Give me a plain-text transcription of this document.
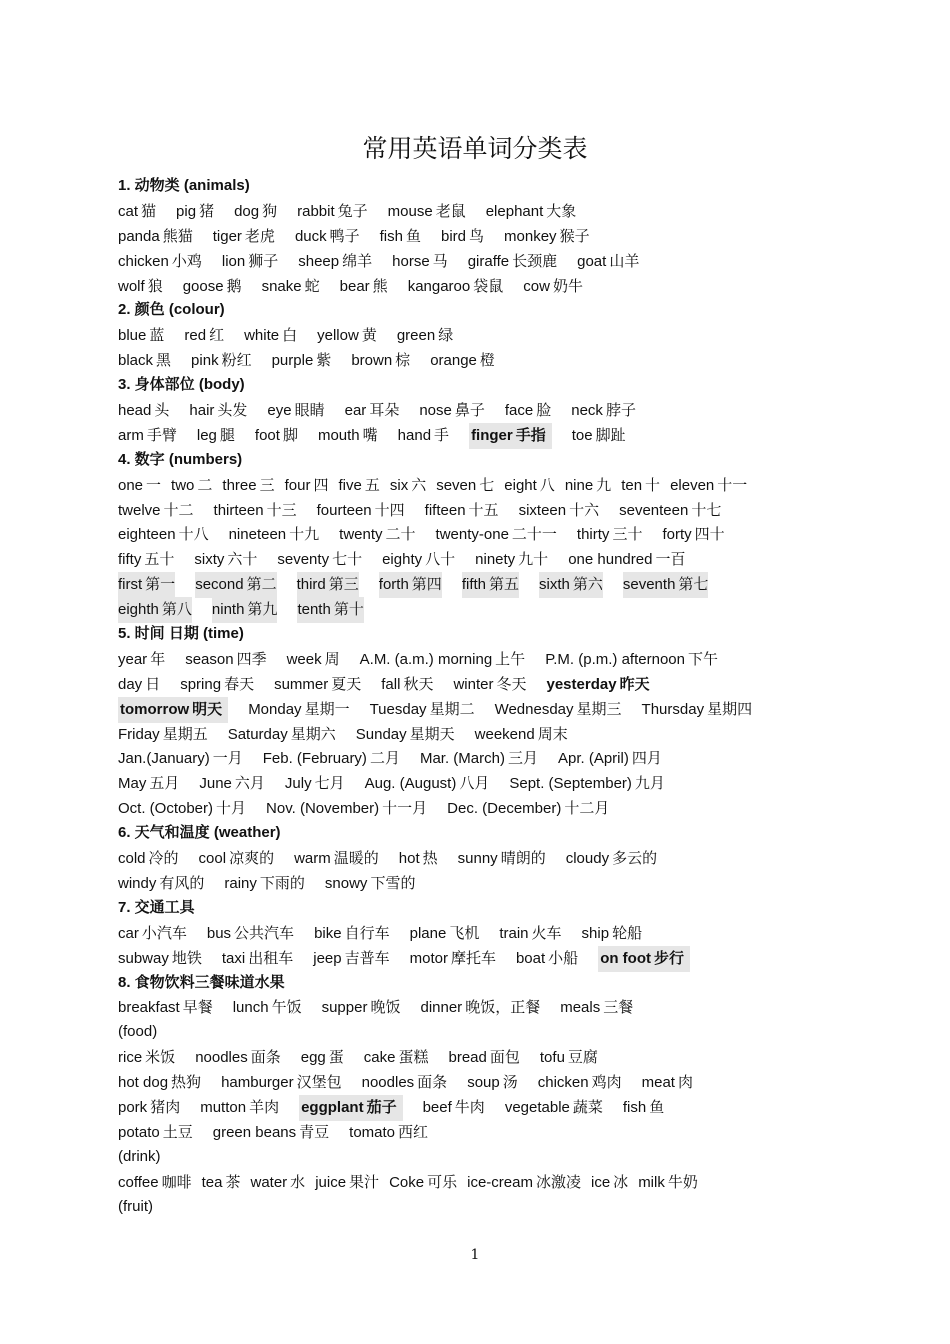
常用英语单词分类表
1. 动物类 (animals)
cat 猫 pig 猪 dog 狗 rabbit 兔子 mouse 老鼠 elephant 大象
panda 熊猫 tiger 老虎 duck 鸭子 fish 鱼 bird 鸟 monkey 猴子
chicken 小鸡 lion 狮子 sheep 绵羊 horse 马 giraffe 长颈鹿 goat 山羊
wolf 狼 goose 鹅 snake 蛇 bear 熊 kangaroo 袋鼠 cow 奶牛
2. 颜色 (colour)
blue 蓝 red 红 white 白 yellow 黄 green 绿
black 黑 pink 粉红 purple 紫 brown 棕 orange 橙
3. 身体部位 (body)
head 头 hair 头发 eye 眼睛 ear 耳朵 nose 鼻子 face 脸 neck 脖子
arm 手臂 leg 腿 foot 脚 mouth 嘴 hand 手 finger 手指 toe 脚趾
4. 数字 (numbers)
one 一 two 二 three 三 four 四 five 五 six 六 seven 七 eight 八 nine 九 ten 十 eleven 十一
twelve 十二 thirteen 十三 fourteen 十四 fifteen 十五 sixteen 十六 seventeen 十七
eighteen 十八 nineteen 十九 twenty 二十 twenty-one 二十一 thirty 三十 forty 四十
fifty 五十 sixty 六十 seventy 七十 eighty 八十 ninety 九十 one hundred 一百
first 第一 second 第二 third 第三 forth 第四 fifth 第五 sixth 第六 seventh 第七
eighth 第八 ninth 第九 tenth 第十
5. 时间 日期 (time)
year 年 season 四季 week 周 A.M. (a.m.) morning 上午 P.M. (p.m.) afternoon 下午
day 日 spring 春天 summer 夏天 fall 秋天 winter 冬天 yesterday 昨天
tomorrow 明天 Monday 星期一 Tuesday 星期二 Wednesday 星期三 Thursday 星期四
Friday 星期五 Saturday 星期六 Sunday 星期天 weekend 周末
Jan.(January) 一月 Feb. (February) 二月 Mar. (March) 三月 Apr. (April) 四月
May 五月 June 六月 July 七月 Aug. (August) 八月 Sept. (September) 九月
Oct. (October) 十月 Nov. (November) 十一月 Dec. (December) 十二月
6. 天气和温度 (weather)
cold 冷的 cool 凉爽的 warm 温暖的 hot 热 sunny 晴朗的 cloudy 多云的
windy 有风的 rainy 下雨的 snowy 下雪的
7. 交通工具
car 小汽车 bus 公共汽车 bike 自行车 plane 飞机 train 火车 ship 轮船
subway 地铁 taxi 出租车 jeep 吉普车 motor 摩托车 boat 小船 on foot 步行
8. 食物饮料三餐味道水果
breakfast 早餐 lunch 午饭 supper 晚饭 dinner 晚饭，正餐 meals 三餐
(food)
rice 米饭 noodles 面条 egg 蛋 cake 蛋糕 bread 面包 tofu 豆腐
hot dog 热狗 hamburger 汉堡包 noodles 面条 soup 汤 chicken 鸡肉 meat 肉
pork 猪肉 mutton 羊肉 eggplant 茄子 beef 牛肉 vegetable 蔬菜 fish 鱼
potato 土豆 green beans 青豆 tomato 西红
(drink)
coffee 咖啡 tea 茶 water 水 juice 果汁 Coke 可乐 ice-cream 冰激凌 ice 冰 milk 牛奶
(fruit)
1
